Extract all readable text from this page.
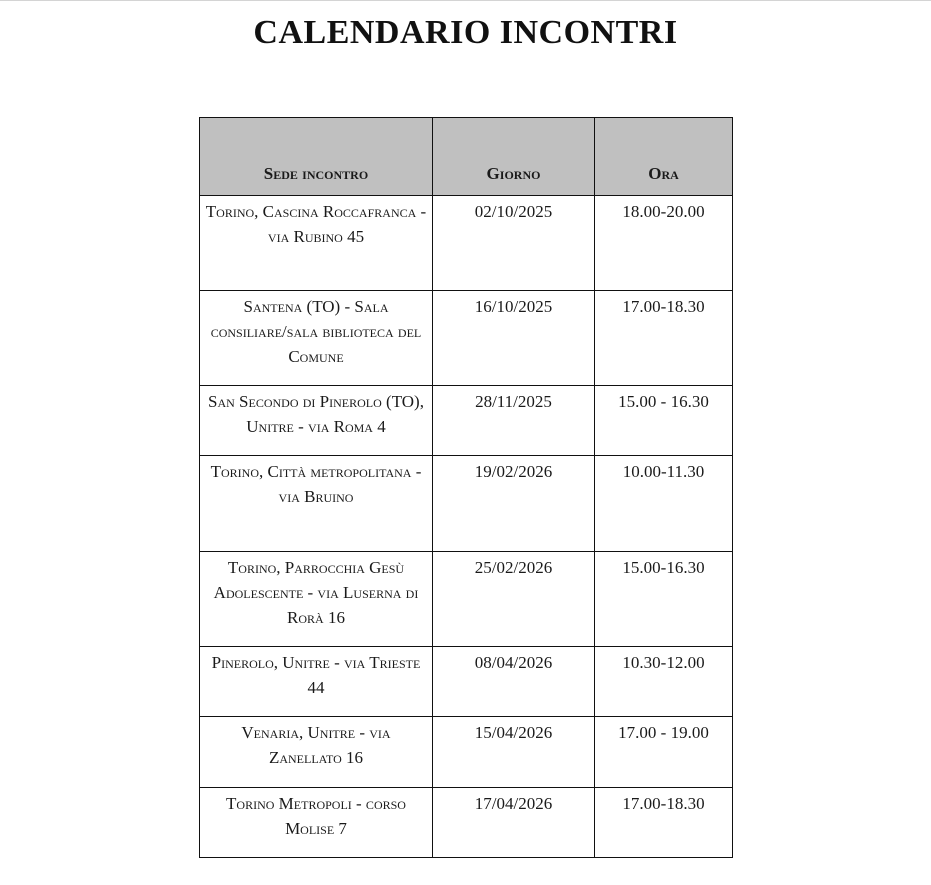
CALENDARIO INCONTRI
Sede incontro	Giorno	Ora
Torino, Cascina Roccafranca - via Rubino 45	02/10/2025	18.00-20.00
Santena (TO) - Sala consiliare/sala biblioteca del Comune	16/10/2025	17.00-18.30
San Secondo di Pinerolo (TO), Unitre - via Roma 4	28/11/2025	15.00 - 16.30
Torino, Città metropolitana - via Bruino	19/02/2026	10.00-11.30
Torino, Parrocchia Gesù Adolescente - via Luserna di Rorà 16	25/02/2026	15.00-16.30
Pinerolo, Unitre - via Trieste 44	08/04/2026	10.30-12.00
Venaria, Unitre - via Zanellato 16	15/04/2026	17.00 - 19.00
Torino Metropoli - corso Molise 7	17/04/2026	17.00-18.30
